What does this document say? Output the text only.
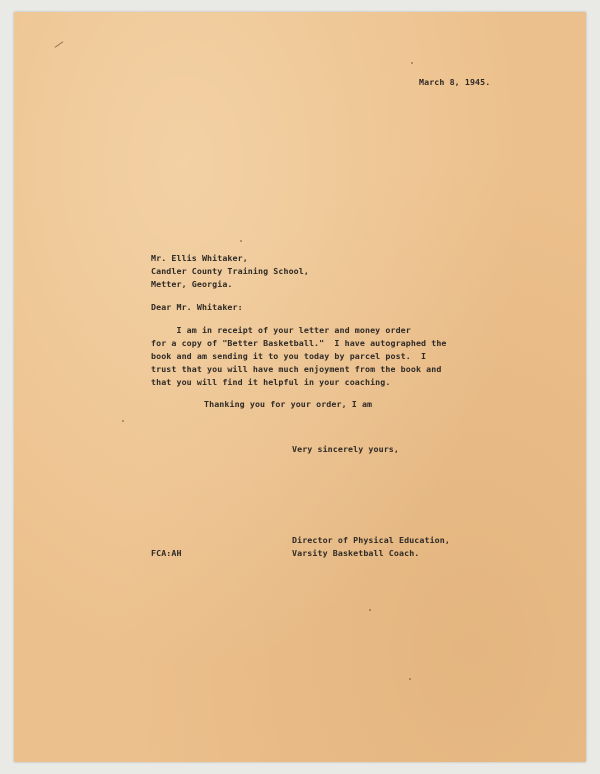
March 8, 1945.
Mr. Ellis Whitaker,
Candler County Training School,
Metter, Georgia.
Dear Mr. Whitaker:
I am in receipt of your letter and money order
for a copy of "Better Basketball."  I have autographed the
book and am sending it to you today by parcel post.  I
trust that you will have much enjoyment from the book and
that you will find it helpful in your coaching.
Thanking you for your order, I am
Very sincerely yours,
Director of Physical Education,
Varsity Basketball Coach.
FCA:AH
